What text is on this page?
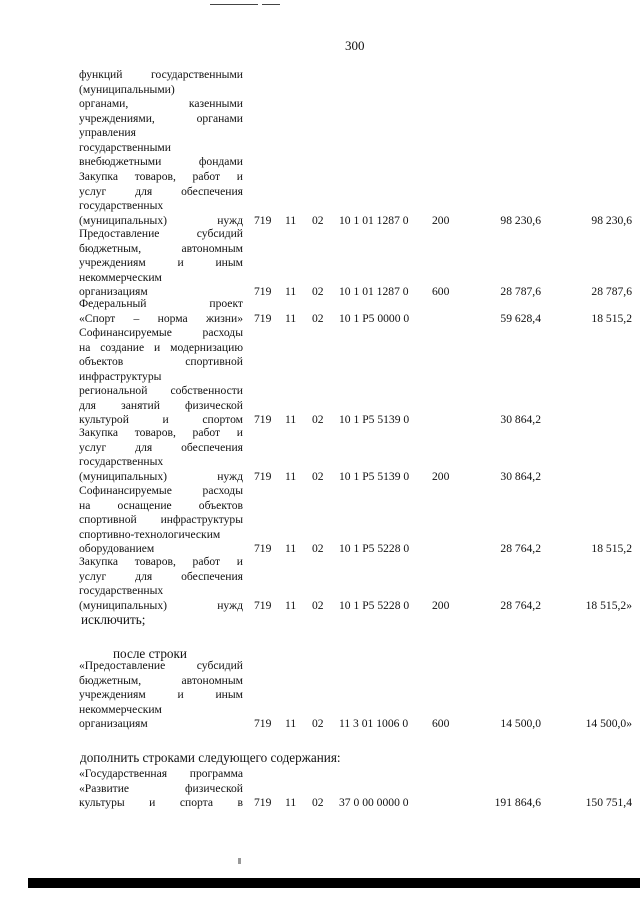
300
функций государственными
(муниципальными)
органами, казенными
учреждениями, органами
управления
государственными
внебюджетными фондами
Закупка товаров, работ и
услуг для обеспечения
государственных
(муниципальных) нужд 719 11 02 10 1 01 1287 0 200	98 230,6	98 230,6
Предоставление субсидий
бюджетным, автономным
учреждениям и иным
некоммерческим
организациям	719 11 02 10 1 01 1287 0 600	28 787,6	28 787,6
Федеральный проект
«Спорт – норма жизни» 719 11 02 10 1 P5 0000 0	59 628,4	18 515,2
Софинансируемые расходы
на создание и модернизацию
объектов спортивной
инфраструктуры
региональной собственности
для занятий физической
культурой и спортом 719 11 02 10 1 P5 5139 0	30 864,2
Закупка товаров, работ и
услуг для обеспечения
государственных
(муниципальных) нужд 719 11 02 10 1 P5 5139 0 200	30 864,2
Софинансируемые расходы
на оснащение объектов
спортивной инфраструктуры
спортивно-технологическим
оборудованием	719 11 02 10 1 P5 5228 0	28 764,2	18 515,2
Закупка товаров, работ и
услуг для обеспечения
государственных
(муниципальных) нужд 719 11 02 10 1 P5 5228 0 200	28 764,2	18 515,2»
«Предоставление субсидий
бюджетным, автономным
учреждениям и иным
некоммерческим
организациям	719 11 02 11 3 01 1006 0 600	14 500,0	14 500,0»
«Государственная программа
«Развитие физической
культуры и спорта в 719 11 02 37 0 00 0000 0	191 864,6	150 751,4
исключить;
после строки
дополнить строками следующего содержания:
